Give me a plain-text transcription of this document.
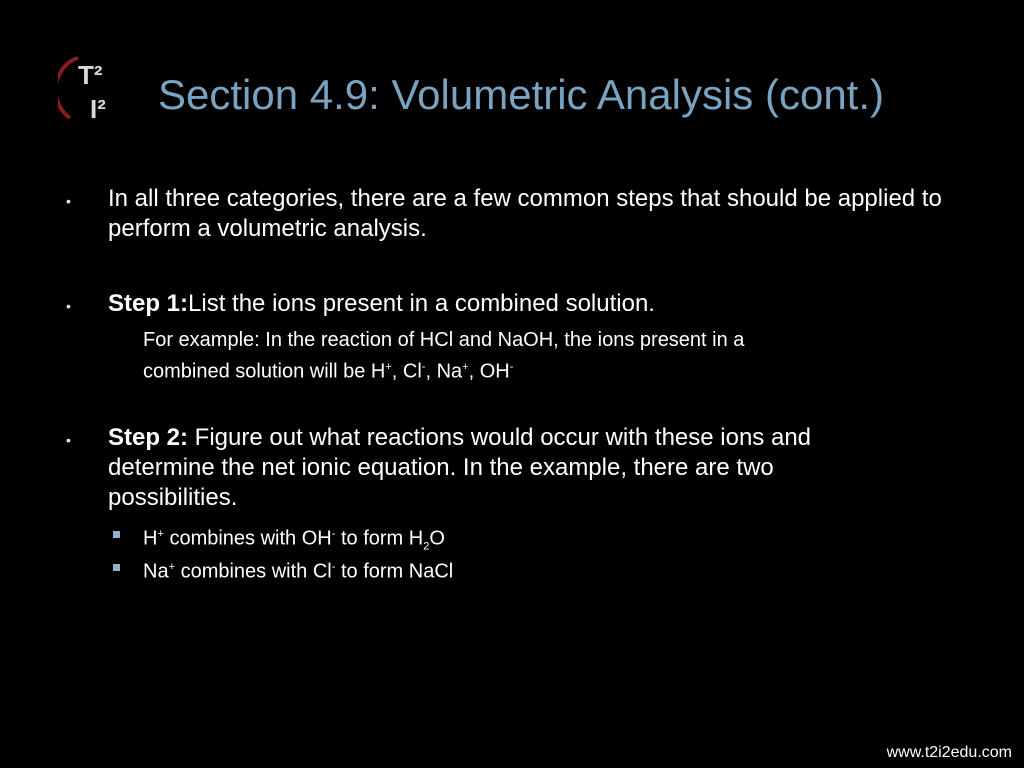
T²
I² Section 4.9: Volumetric Analysis (cont.)
• In all three categories, there are a few common steps that should be applied to perform a volumetric analysis.
• Step 1:List the ions present in a combined solution.
For example: In the reaction of HCl and NaOH, the ions present in a
combined solution will be H+, Cl-, Na+, OH-
• Step 2: Figure out what reactions would occur with these ions and
determine the net ionic equation. In the example, there are two
possibilities.
H+ combines with OH- to form $H_2O$
Na+ combines with Cl- to form NaCl
www.t2i2edu.com
